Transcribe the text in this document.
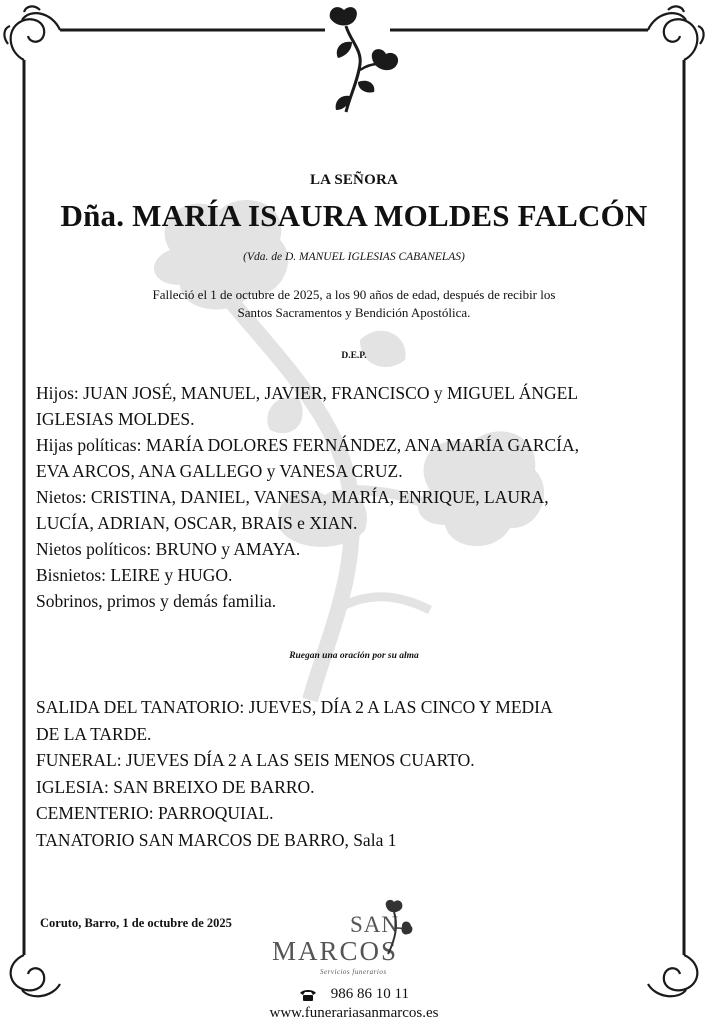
LA SEÑORA
Dña. MARÍA ISAURA MOLDES FALCÓN
(Vda. de D. MANUEL IGLESIAS CABANELAS)
Falleció el 1 de octubre de 2025, a los 90 años de edad, después de recibir los
Santos Sacramentos y Bendición Apostólica.
D.E.P.

Hijos: JUAN JOSÉ, MANUEL, JAVIER, FRANCISCO y MIGUEL ÁNGEL

IGLESIAS MOLDES.

Hijas políticas: MARÍA DOLORES FERNÁNDEZ, ANA MARÍA GARCÍA,

EVA ARCOS, ANA GALLEGO y VANESA CRUZ.

Nietos: CRISTINA, DANIEL, VANESA, MARÍA, ENRIQUE, LAURA,

LUCÍA, ADRIAN, OSCAR, BRAIS e XIAN.

Nietos políticos: BRUNO y AMAYA.

Bisnietos: LEIRE y HUGO.

Sobrinos, primos y demás familia.

Ruegan una oración por su alma

SALIDA DEL TANATORIO: JUEVES, DÍA 2 A LAS CINCO Y MEDIA

DE LA TARDE.

FUNERAL: JUEVES DÍA 2 A LAS SEIS MENOS CUARTO.

IGLESIA: SAN BREIXO DE BARRO.

CEMENTERIO: PARROQUIAL.

TANATORIO SAN MARCOS DE BARRO, Sala 1

Coruto, Barro, 1 de octubre de 2025	SAN
MARCOS
Servicios funerarios
986 86 10 11
www.funerariasanmarcos.es
